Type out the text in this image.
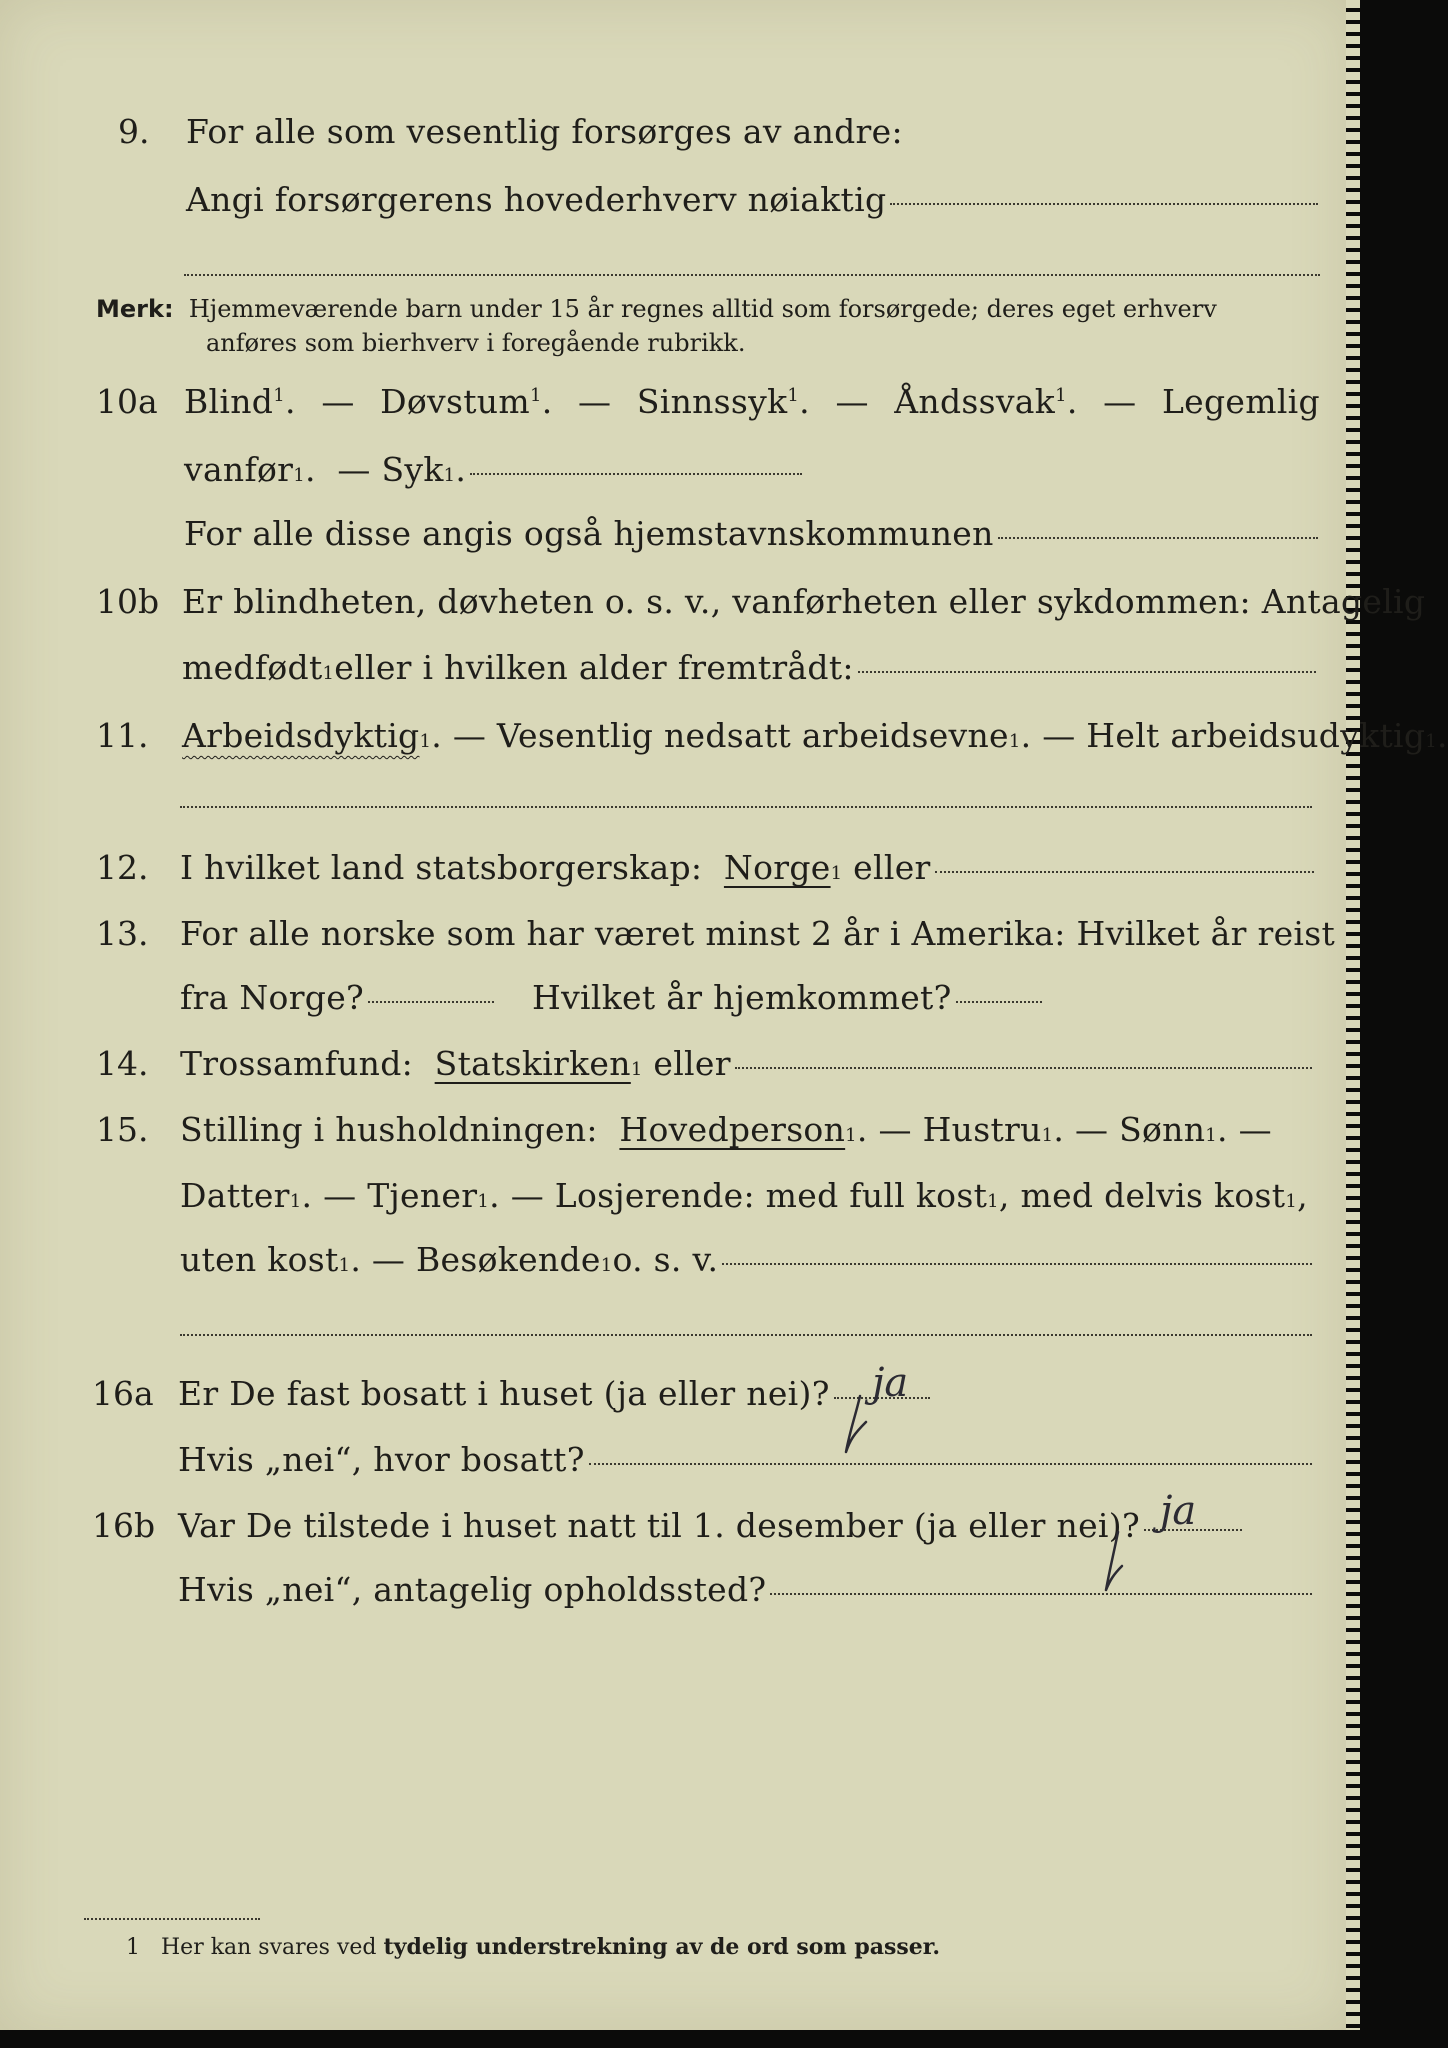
9. For alle som vesentlig forsørges av andre:
Angi forsørgerens hovederhverv nøiaktig
Merk: Hjemmeværende barn under 15 år regnes alltid som forsørgede; deres eget erhverv
anføres som bierhverv i foregående rubrikk.
10a Blind$^1$. — Døvstum$^1$. — Sinnssyk$^1$. — Åndssvak$^1$. — Legemlig
vanfør 1 .  — Syk 1 .
For alle disse angis også hjemstavnskommunen
10b Er blindheten, døvheten o. s. v., vanførheten eller sykdommen: Antagelig
medfødt 1 eller i hvilken alder fremtrådt:
11. Arbeidsdyktig 1 . — Vesentlig nedsatt arbeidsevne 1 . — Helt arbeidsudyktig 1 .
12. I hvilket land statsborgerskap:
Norge 1
eller
13. For alle norske som har været minst 2 år i Amerika: Hvilket år reist
fra Norge?	Hvilket år hjemkommet?
14. Trossamfund:
Statskirken 1
eller
15. Stilling i husholdningen:
Hovedperson 1 . — Hustru 1 . — Sønn 1 . —
Datter 1 . — Tjener 1 . — Losjerende: med full kost 1 , med delvis kost 1 ,
uten kost 1 . — Besøkende 1 o. s. v.
16a Er De fast bosatt i huset (ja eller nei)? ja
Hvis „nei“, hvor bosatt?
16b Var De tilstede i huset natt til 1. desember (ja eller nei)? ja
Hvis „nei“, antagelig opholdssted?
1 Her kan svares ved tydelig understrekning av de ord som passer.
